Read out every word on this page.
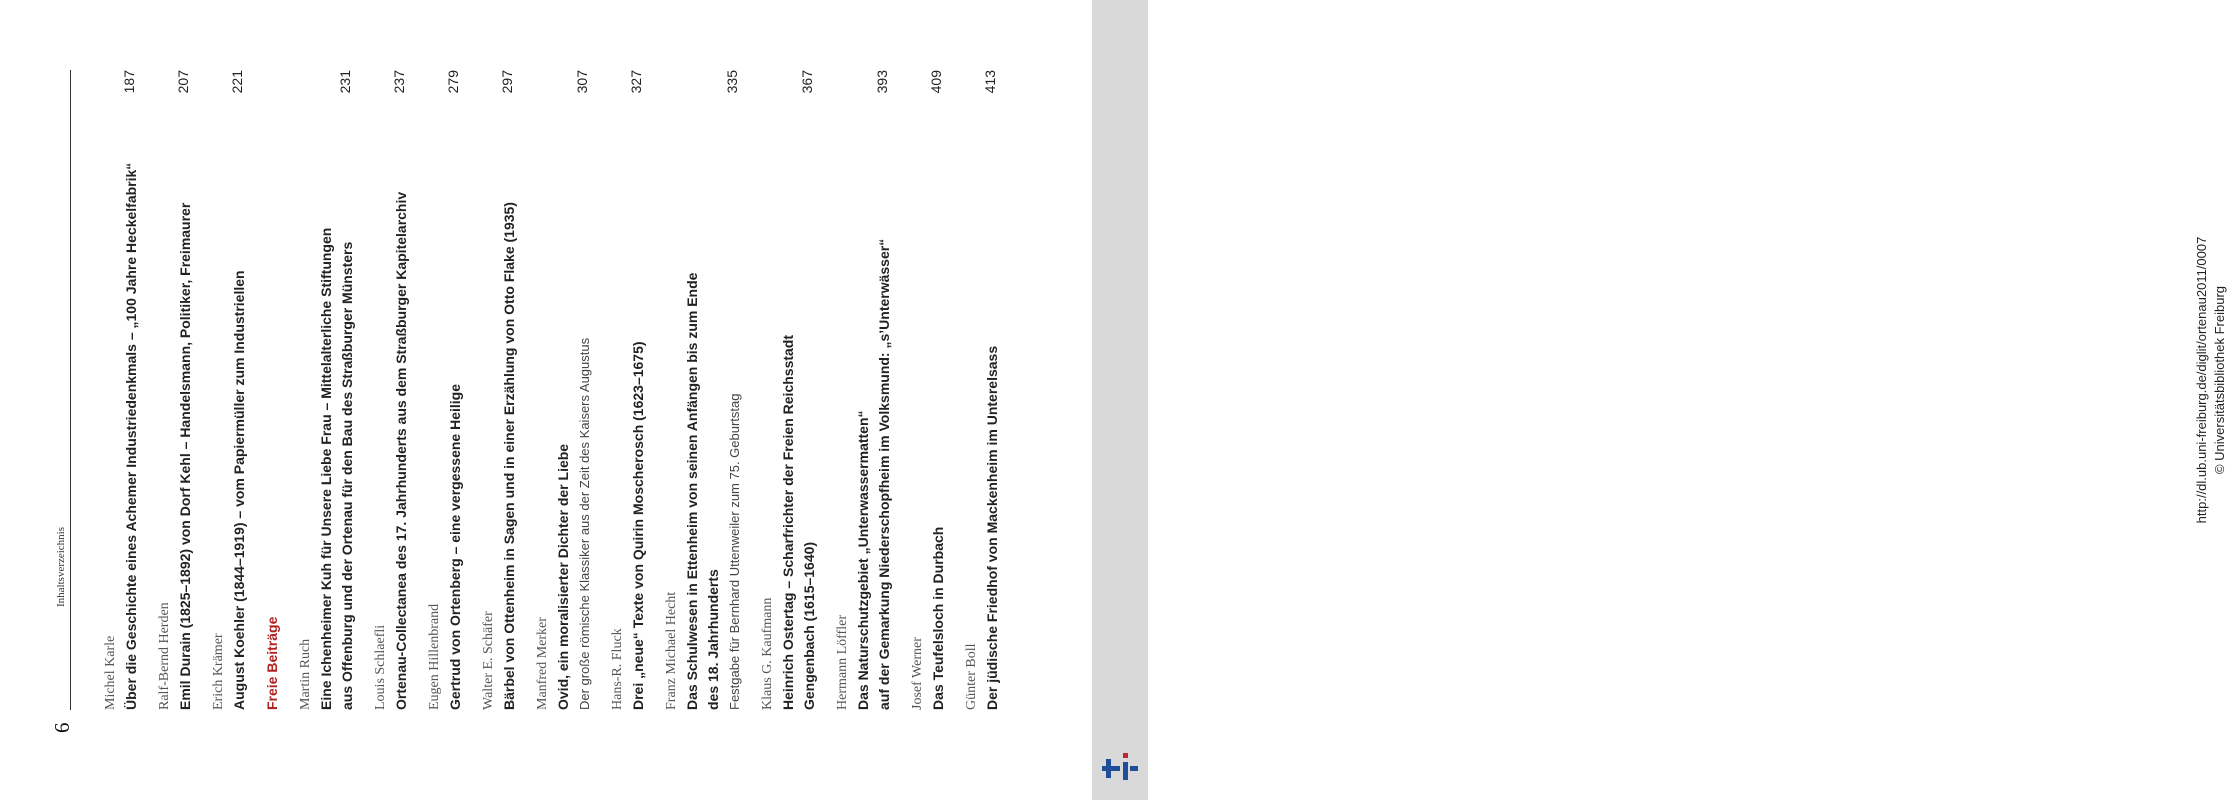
6
Inhaltsverzeichnis
Michel Karle Über die Geschichte eines Achemer Industriedenkmals – „100 Jahre Heckelfabrik“
187
Ralf-Bernd Herden Emil Durain (1825–1892) von Dorf Kehl – Handelsmann, Politiker, Freimaurer
207
Erich Krämer August Koehler (1844–1919) – vom Papiermüller zum Industriellen
221
Freie Beiträge Martin Ruch Eine Ichenheimer Kuh für Unsere Liebe Frau – Mittelalterliche Stiftungen aus Offenburg und der Ortenau für den Bau des Straßburger Münsters
231
Louis Schlaefli Ortenau-Collectanea des 17. Jahrhunderts aus dem Straßburger Kapitelarchiv
237
Eugen Hillenbrand Gertrud von Ortenberg – eine vergessene Heilige
279
Walter E. Schäfer Bärbel von Ottenheim in Sagen und in einer Erzählung von Otto Flake (1935)
297
Manfred Merker Ovid, ein moralisierter Dichter der Liebe Der große römische Klassiker aus der Zeit des Kaisers Augustus
307
Hans-R. Fluck Drei „neue“ Texte von Quirin Moscherosch (1623–1675)
327
Franz Michael Hecht Das Schulwesen in Ettenheim von seinen Anfängen bis zum Ende des 18. Jahrhunderts Festgabe für Bernhard Uttenweiler zum 75. Geburtstag
335
Klaus G. Kaufmann Heinrich Ostertag – Scharfrichter der Freien Reichsstadt Gengenbach (1615–1640)
367
Hermann Löffler Das Naturschutzgebiet „Unterwassermatten“ auf der Gemarkung Niederschopfheim im Volksmund: „s’Unterwässer“
393
Josef Werner Das Teufelsloch in Durbach
409
Günter Boll Der jüdische Friedhof von Mackenheim im Unterelsass
413
http://dl.ub.uni-freiburg.de/diglit/ortenau2011/0007 © Universitätsbibliothek Freiburg
